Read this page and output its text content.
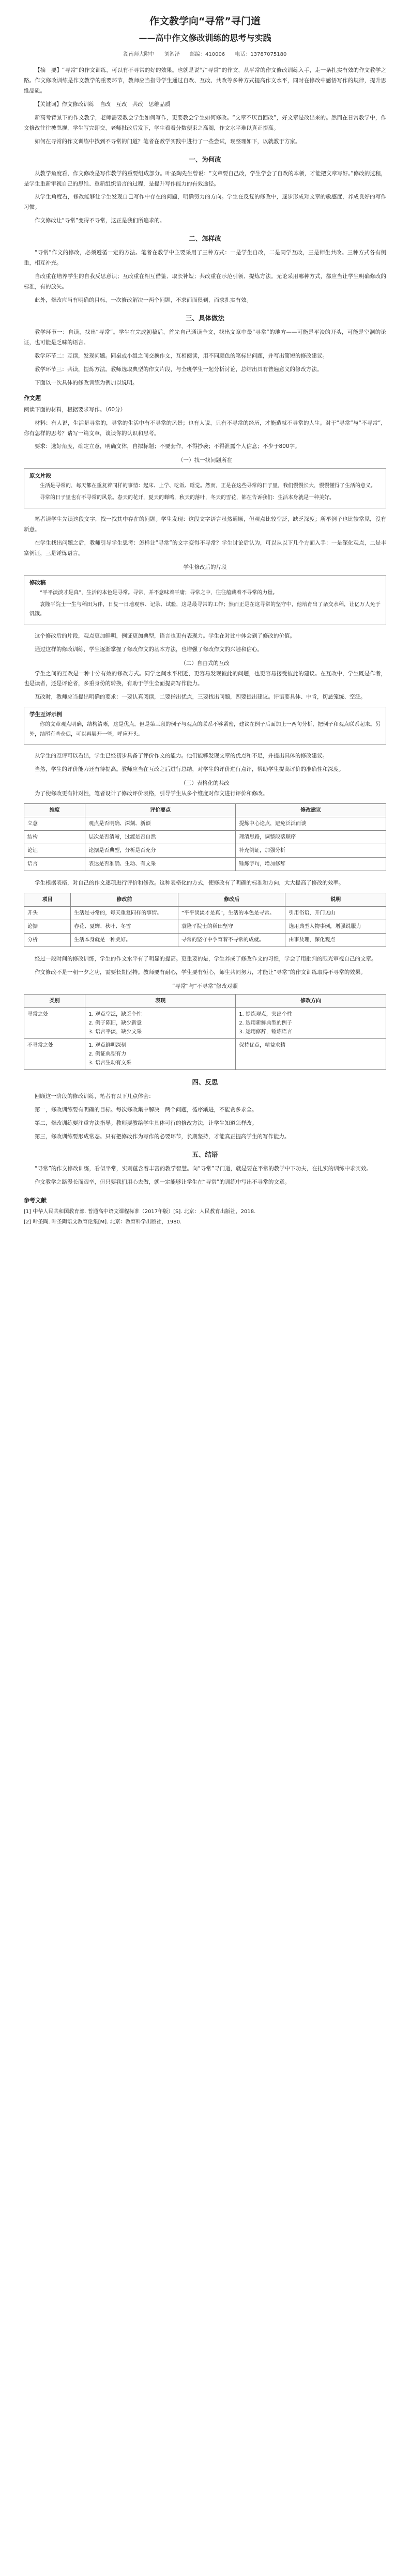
作文教学向“寻常”寻门道
——高中作文修改训练的思考与实践
湖南师大附中 刘湘泽 邮编：410006 电话：13787075180

【摘　要】“寻常”的作文训练，可以有不寻常的好的效果。也就是说写“寻常”的作文，从平常的作文修改训练入手，走一条扎实有效的作文教学之路。作文修改训练是作文教学的重要环节，教师应当指导学生通过自改、互改、共改等多种方式提高作文水平，同时在修改中感悟写作的规律，提升思维品质。

【关键词】作文修改训练　自改　互改　共改　思维品质

新高考背景下的作文教学，老师需要教会学生如何写作，更要教会学生如何修改。“文章不厌百回改”，好文章是改出来的。然而在日常教学中，作文修改往往被忽视，学生写完即交，老师批改后发下，学生看看分数便束之高阁，作文水平难以真正提高。

如何在寻常的作文训练中找到不寻常的门道？笔者在教学实践中进行了一些尝试，现整理如下，以就教于方家。

一、为何改

从教学角度看，作文修改是写作教学的重要组成部分。叶圣陶先生曾说：“文章要自己改，学生学会了自改的本领，才能把文章写好。”修改的过程，是学生重新审视自己的思维、重新组织语言的过程，是提升写作能力的有效途径。

从学生角度看，修改能够让学生发现自己写作中存在的问题，明确努力的方向。学生在反复的修改中，逐步形成对文章的敏感度，养成良好的写作习惯。

作文修改让“寻常”变得不寻常，这正是我们所追求的。

二、怎样改

“寻常”作文的修改，必须遵循一定的方法。笔者在教学中主要采用了三种方式：一是学生自改，二是同学互改，三是师生共改。三种方式各有侧重，相互补充。

自改重在培养学生的自我反思意识；互改重在相互借鉴、取长补短；共改重在示范引领、提炼方法。无论采用哪种方式，都应当让学生明确修改的标准，有的放矢。

此外，修改应当有明确的目标，一次修改解决一两个问题，不求面面俱到，而求扎实有效。

三、具体做法

教学环节一：自读，找出“寻常”。学生在完成初稿后，首先自己通读全文，找出文章中最“寻常”的地方——可能是平淡的开头，可能是空洞的论证，也可能是乏味的语言。

教学环节二：互读，发现问题。同桌或小组之间交换作文，互相阅读，用不同颜色的笔标出问题，并写出简短的修改建议。

教学环节三：共读，提炼方法。教师选取典型的作文片段，与全班学生一起分析讨论，总结出具有普遍意义的修改方法。

下面以一次具体的修改训练为例加以说明。

作文题

阅读下面的材料，根据要求写作。（60分）

材料：有人说，生活是寻常的，寻常的生活中有不寻常的风景；也有人说，只有不寻常的经历，才能造就不寻常的人生。对于“寻常”与“不寻常”，你有怎样的思考？请写一篇文章，谈谈你的认识和思考。

要求：选好角度，确定立意，明确文体，自拟标题；不要套作，不得抄袭；不得泄露个人信息；不少于800字。

（一）找一找问题所在
原文片段

生活是寻常的，每天都在重复着同样的事情：起床、上学、吃饭、睡觉。然而，正是在这些寻常的日子里，我们慢慢长大，慢慢懂得了生活的意义。

寻常的日子里也有不寻常的风景。春天的花开，夏天的蝉鸣，秋天的落叶，冬天的雪花，都在告诉我们：生活本身就是一种美好。

笔者请学生先读这段文字，找一找其中存在的问题。学生发现：这段文字语言虽然通顺，但观点比较空泛，缺乏深度；所举例子也比较常见，没有新意。

在学生找出问题之后，教师引导学生思考：怎样让“寻常”的文字变得不寻常？学生讨论后认为，可以从以下几个方面入手：一是深化观点，二是丰富例证，三是锤炼语言。

学生修改后的片段
修改稿

“平平淡淡才是真”，生活的本色是寻常。寻常，并不意味着平庸；寻常之中，往往蕴藏着不寻常的力量。

袁隆平院士一生与稻田为伴，日复一日地观察、记录、试验，这是最寻常的工作；然而正是在这寻常的坚守中，他培育出了杂交水稻，让亿万人免于饥饿。

这个修改后的片段，观点更加鲜明，例证更加典型，语言也更有表现力。学生在对比中体会到了修改的价值。

通过这样的修改训练，学生逐渐掌握了修改作文的基本方法，也增强了修改作文的兴趣和信心。

（二）自由式的互改

学生之间的互改是一种十分有效的修改方式。同学之间水平相近，更容易发现彼此的问题，也更容易接受彼此的建议。在互改中，学生既是作者，也是读者，还是评论者，多重身份的转换，有助于学生全面提高写作能力。

互改时，教师应当提出明确的要求：一要认真阅读，二要指出优点，三要找出问题，四要提出建议。评语要具体、中肯，切忌笼统、空泛。

学生互评示例

你的文章观点明确，结构清晰，这是优点。但是第三段的例子与观点的联系不够紧密，建议在例子后面加上一两句分析，把例子和观点联系起来。另外，结尾有些仓促，可以再展开一些，呼应开头。

从学生的互评可以看出，学生已经初步具备了评价作文的能力。他们能够发现文章的优点和不足，并提出具体的修改建议。

当然，学生的评价能力还有待提高。教师应当在互改之后进行总结，对学生的评价进行点评，帮助学生提高评价的准确性和深度。

（三）表格化的共改

为了使修改更有针对性，笔者设计了修改评价表格，引导学生从多个维度对作文进行评价和修改。

维度	评价要点	修改建议
立意	观点是否明确、深刻、新颖	提炼中心论点，避免泛泛而谈
结构	层次是否清晰，过渡是否自然	理清思路，调整段落顺序
论证	论据是否典型，分析是否充分	补充例证，加强分析
语言	表达是否准确、生动、有文采	锤炼字句，增加修辞

学生根据表格，对自己的作文逐项进行评价和修改。这种表格化的方式，使修改有了明确的标准和方向，大大提高了修改的效率。

项目	修改前	修改后	说明
开头	生活是寻常的，每天重复同样的事情。	“平平淡淡才是真”，生活的本色是寻常。	引用俗语，开门见山
论据	春花、夏蝉、秋叶、冬雪	袁隆平院士的稻田坚守	选用典型人物事例，增强说服力
分析	生活本身就是一种美好。	寻常的坚守中孕育着不寻常的成就。	由事及理，深化观点

经过一段时间的修改训练，学生的作文水平有了明显的提高。更重要的是，学生养成了修改作文的习惯，学会了用批判的眼光审视自己的文章。

作文修改不是一朝一夕之功，需要长期坚持。教师要有耐心，学生要有恒心，师生共同努力，才能让“寻常”的作文训练取得不寻常的效果。

“寻常”与“不寻常”修改对照
类别	表现	修改方向
寻常之处	1. 观点空泛，缺乏个性
2. 例子陈旧，缺少新意
3. 语言平淡，缺少文采	1. 提炼观点，突出个性
2. 选用新鲜典型的例子
3. 运用修辞，锤炼语言
不寻常之处	1. 观点鲜明深刻
2. 例证典型有力
3. 语言生动有文采	保持优点，精益求精
四、反思

回顾这一阶段的修改训练，笔者有以下几点体会：

第一，修改训练要有明确的目标。每次修改集中解决一两个问题，循序渐进，不能贪多求全。

第二，修改训练要注重方法指导。教师要教给学生具体可行的修改方法，让学生知道怎样改。

第三，修改训练要形成常态。只有把修改作为写作的必要环节，长期坚持，才能真正提高学生的写作能力。

五、结语

“寻常”的作文修改训练，看似平常，实则蕴含着丰富的教学智慧。向“寻常”寻门道，就是要在平常的教学中下功夫，在扎实的训练中求实效。

作文教学之路漫长而艰辛，但只要我们用心去做，就一定能够让学生在“寻常”的训练中写出不寻常的文章。

参考文献

[1] 中华人民共和国教育部. 普通高中语文课程标准（2017年版）[S]. 北京：人民教育出版社，2018.

[2] 叶圣陶. 叶圣陶语文教育论集[M]. 北京：教育科学出版社，1980.
